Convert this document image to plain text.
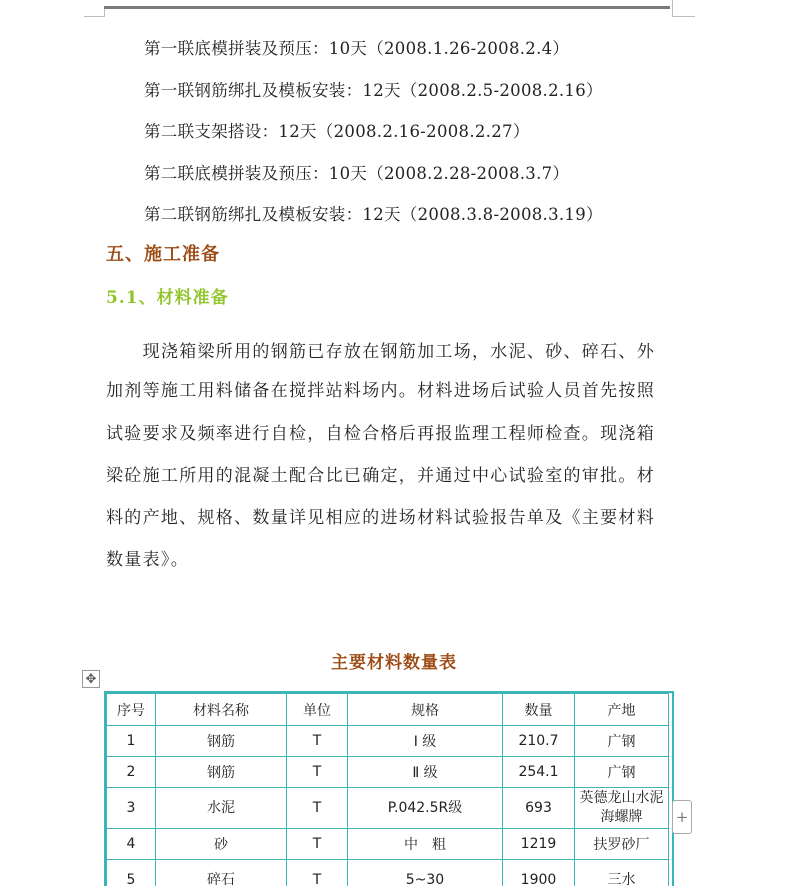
第一联底模拼装及预压：10天（2008.1.26-2008.2.4）
第一联钢筋绑扎及模板安装：12天（2008.2.5-2008.2.16）
第二联支架搭设：12天（2008.2.16-2008.2.27）
第二联底模拼装及预压：10天（2008.2.28-2008.3.7）
第二联钢筋绑扎及模板安装：12天（2008.3.8-2008.3.19）
五、施工准备
5.1、材料准备
　　现浇箱梁所用的钢筋已存放在钢筋加工场，水泥、砂、碎石、外
加剂等施工用料储备在搅拌站料场内。材料进场后试验人员首先按照
试验要求及频率进行自检，自检合格后再报监理工程师检查。现浇箱
梁砼施工所用的混凝土配合比已确定，并通过中心试验室的审批。材
料的产地、规格、数量详见相应的进场材料试验报告单及《主要材料
数量表》。
主要材料数量表
✥
序号	材料名称	单位	规格	数量	产地
1	钢筋	T	Ⅰ 级	210.7	广钢
2	钢筋	T	Ⅱ 级	254.1	广钢
3	水泥	T	P.042.5R级	693	英德龙山水泥海螺牌
4	砂	T	中　粗	1219	扶罗砂厂
5	碎石	T	5~30	1900	三水
+
